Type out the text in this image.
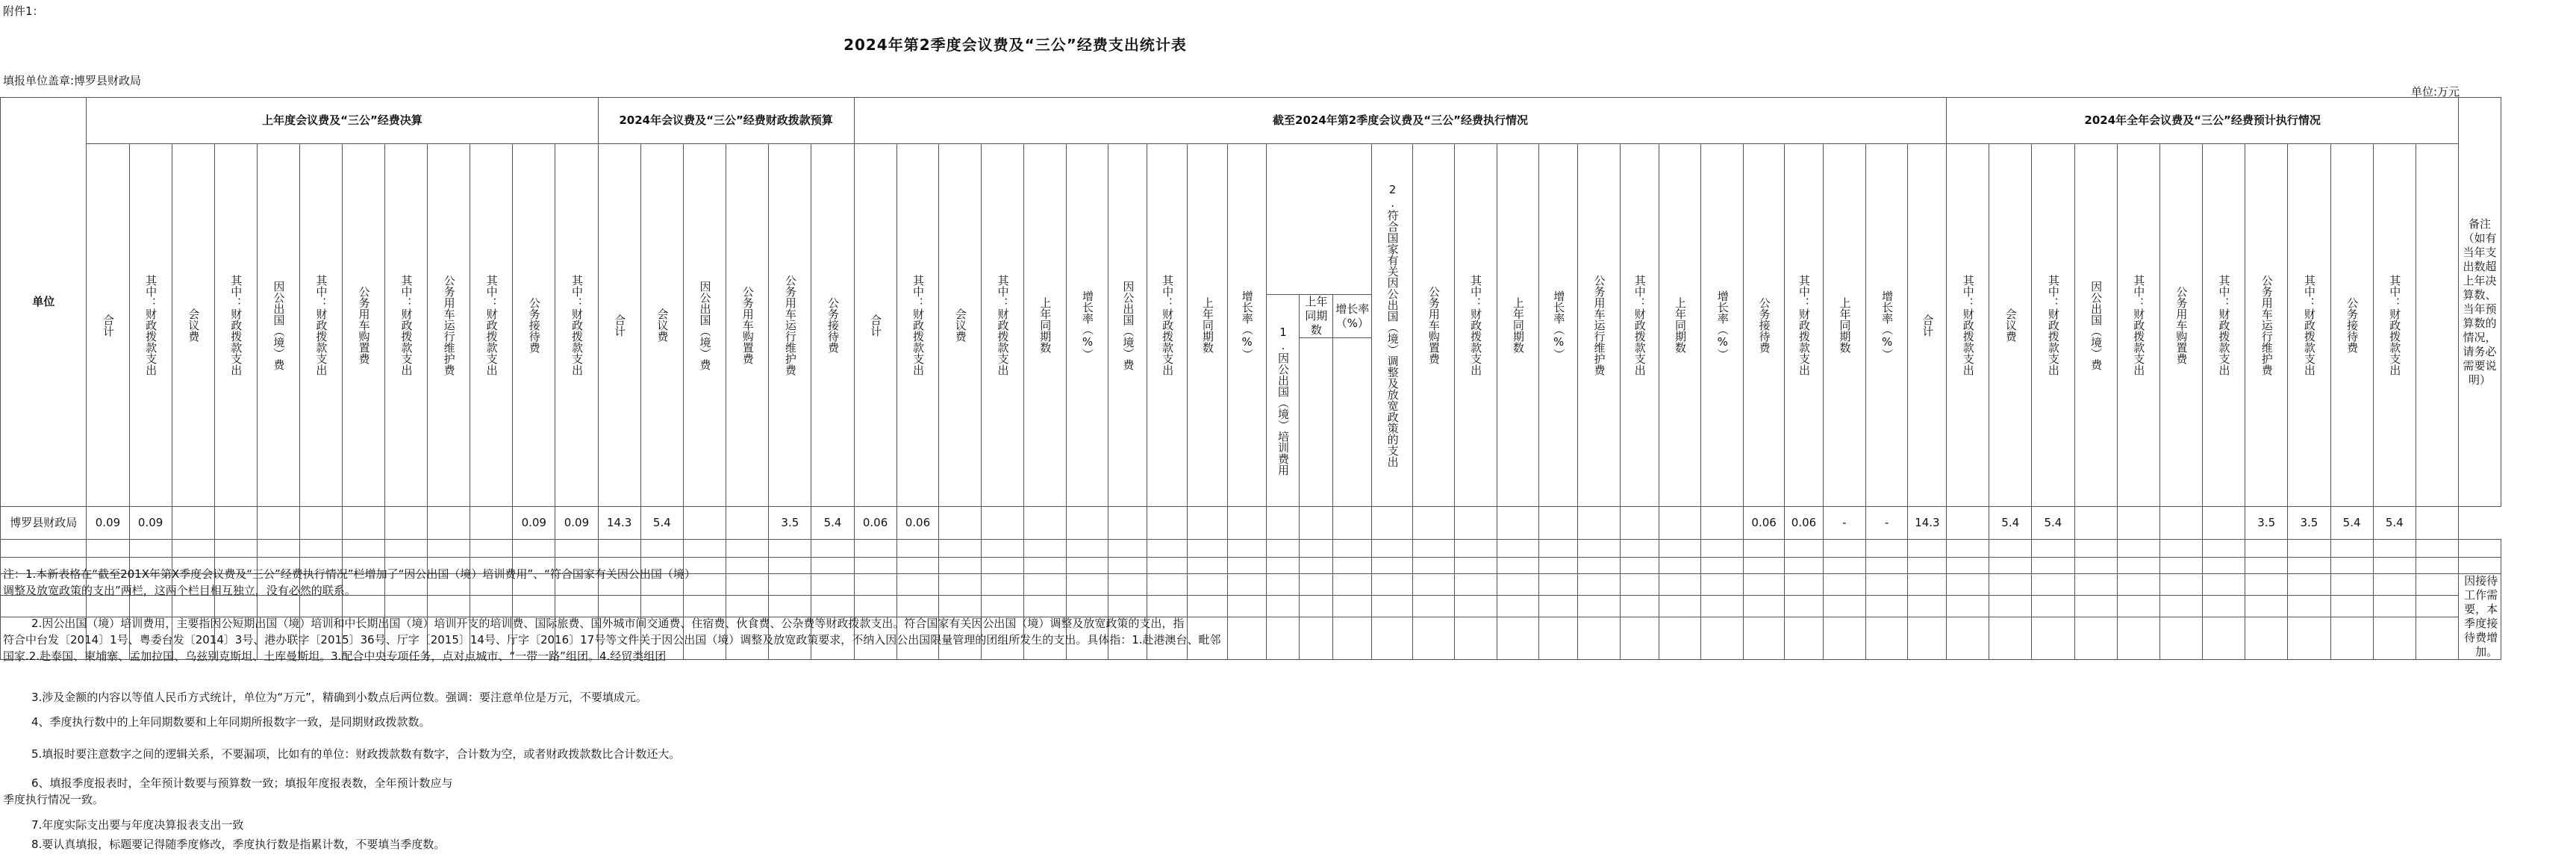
附件1：
2024年第2季度会议费及“三公”经费支出统计表
填报单位盖章:博罗县财政局
单位:万元
单位	上年度会议费及“三公”经费决算												2024年会议费及“三公”经费财政拨款预算						截至2024年第2季度会议费及“三公”经费执行情况																											2024年全年会议费及“三公”经费预计执行情况												备注（如有当年支出数超上年决算数、当年预算数的情况，请务必需要说明）
	合计	其中：财政拨款支出	会议费	其中：财政拨款支出	因公出国（境）费	其中：财政拨款支出	公务用车购置费	其中：财政拨款支出	公务用车运行维护费	其中：财政拨款支出	公务接待费	其中：财政拨款支出	合计	会议费	因公出国（境）费	公务用车购置费	公务用车运行维护费	公务接待费	合计	其中：财政拨款支出	会议费	其中：财政拨款支出	上年同期数	增长率（%）	因公出国（境）费	其中：财政拨款支出	上年同期数	增长率（%）				2.符合国家有关因公出国（境）调整及放宽政策的支出	公务用车购置费	其中：财政拨款支出	上年同期数	增长率（%）	公务用车运行维护费	其中：财政拨款支出	上年同期数	增长率（%）	公务接待费	其中：财政拨款支出	上年同期数	增长率（%）	合计	其中：财政拨款支出	会议费	其中：财政拨款支出	因公出国（境）费	其中：财政拨款支出	公务用车购置费	其中：财政拨款支出	公务用车运行维护费	其中：财政拨款支出	公务接待费	其中：财政拨款支出		
																													1.因公出国（境）培训费用	上年同期数	增长率（%）																											

博罗县财政局	0.09	0.09									0.09	0.09	14.3	5.4			3.5	5.4	0.06	0.06																					0.06	0.06	-	-	14.3		5.4	5.4					3.5	3.5	5.4	5.4		

																																																										因接待工作需要，本季度接待费增加。

注：1.本新表格在“截至201X年第X季度会议费及“三公”经费执行情况”栏增加了“因公出国（境）培训费用”、“符合国家有关因公出国（境）
调整及放宽政策的支出”两栏，这两个栏目相互独立，没有必然的联系。
2.因公出国（境）培训费用，主要指因公短期出国（境）培训和中长期出国（境）培训开支的培训费、国际旅费、国外城市间交通费、住宿费、伙食费、公杂费等财政拨款支出。符合国家有关因公出国（境）调整及放宽政策的支出，指
符合中台发〔2014〕1号、粤委台发〔2014〕3号、港办联字〔2015〕36号、厅字〔2015〕14号、厅字〔2016〕17号等文件关于因公出国（境）调整及放宽政策要求，不纳入因公出国限量管理的团组所发生的支出。具体指：1.赴港澳台、毗邻
国家.2.赴泰国、柬埔寨、孟加拉国、乌兹别克斯坦、土库曼斯坦。3.配合中央专项任务，点对点城市、“一带一路”组团。4.经贸类组团
3.涉及金额的内容以等值人民币方式统计，单位为“万元”，精确到小数点后两位数。强调：要注意单位是万元，不要填成元。
4、季度执行数中的上年同期数要和上年同期所报数字一致，是同期财政拨款数。
5.填报时要注意数字之间的逻辑关系，不要漏项，比如有的单位：财政拨款数有数字，合计数为空，或者财政拨款数比合计数还大。
6、填报季度报表时，全年预计数要与预算数一致；填报年度报表数，全年预计数应与
季度执行情况一致。
7.年度实际支出要与年度决算报表支出一致
8.要认真填报，标题要记得随季度修改，季度执行数是指累计数，不要填当季度数。
